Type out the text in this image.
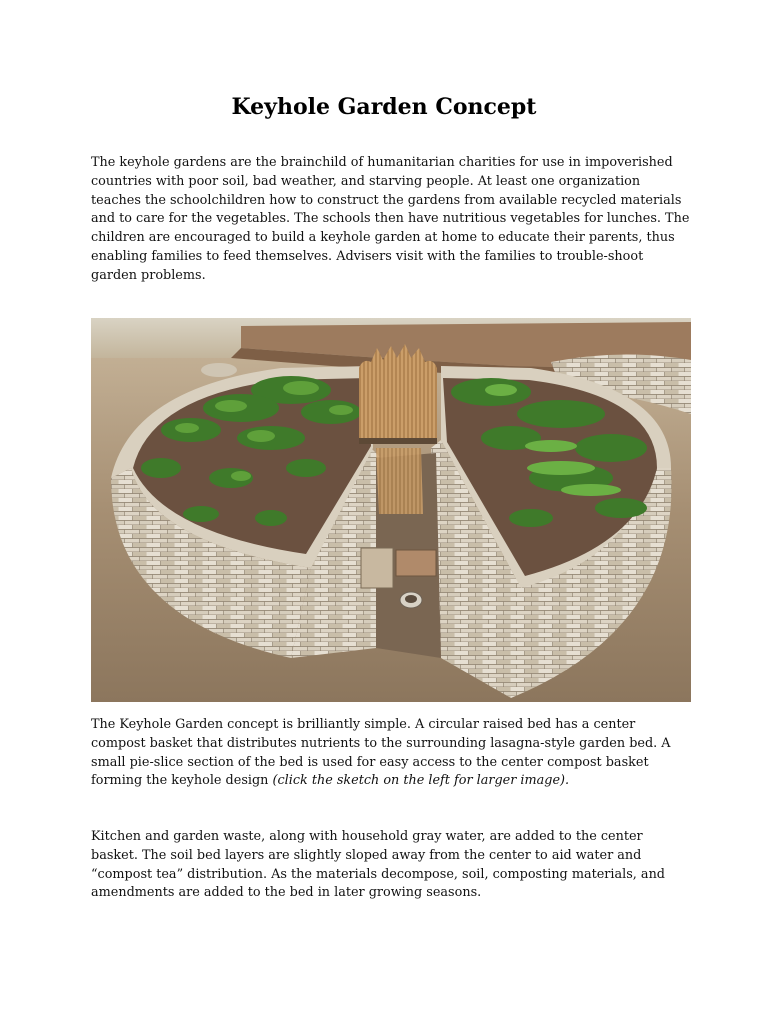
Keyhole Garden Concept

The keyhole gardens are the brainchild of humanitarian charities for use in impoverished countries with poor soil, bad weather, and starving people. At least one organization teaches the schoolchildren how to construct the gardens from available recycled materials and to care for the vegetables. The schools then have nutritious vegetables for lunches. The children are encouraged to build a keyhole garden at home to educate their parents, thus enabling families to feed themselves. Advisers visit with the families to trouble-shoot garden problems.

The Keyhole Garden concept is brilliantly simple. A circular raised bed has a center compost basket that distributes nutrients to the surrounding lasagna-style garden bed. A small pie-slice section of the bed is used for easy access to the center compost basket forming the keyhole design (click the sketch on the left for larger image).

Kitchen and garden waste, along with household gray water, are added to the center basket. The soil bed layers are slightly sloped away from the center to aid water and “compost tea” distribution. As the materials decompose, soil, composting materials, and amendments are added to the bed in later growing seasons.
